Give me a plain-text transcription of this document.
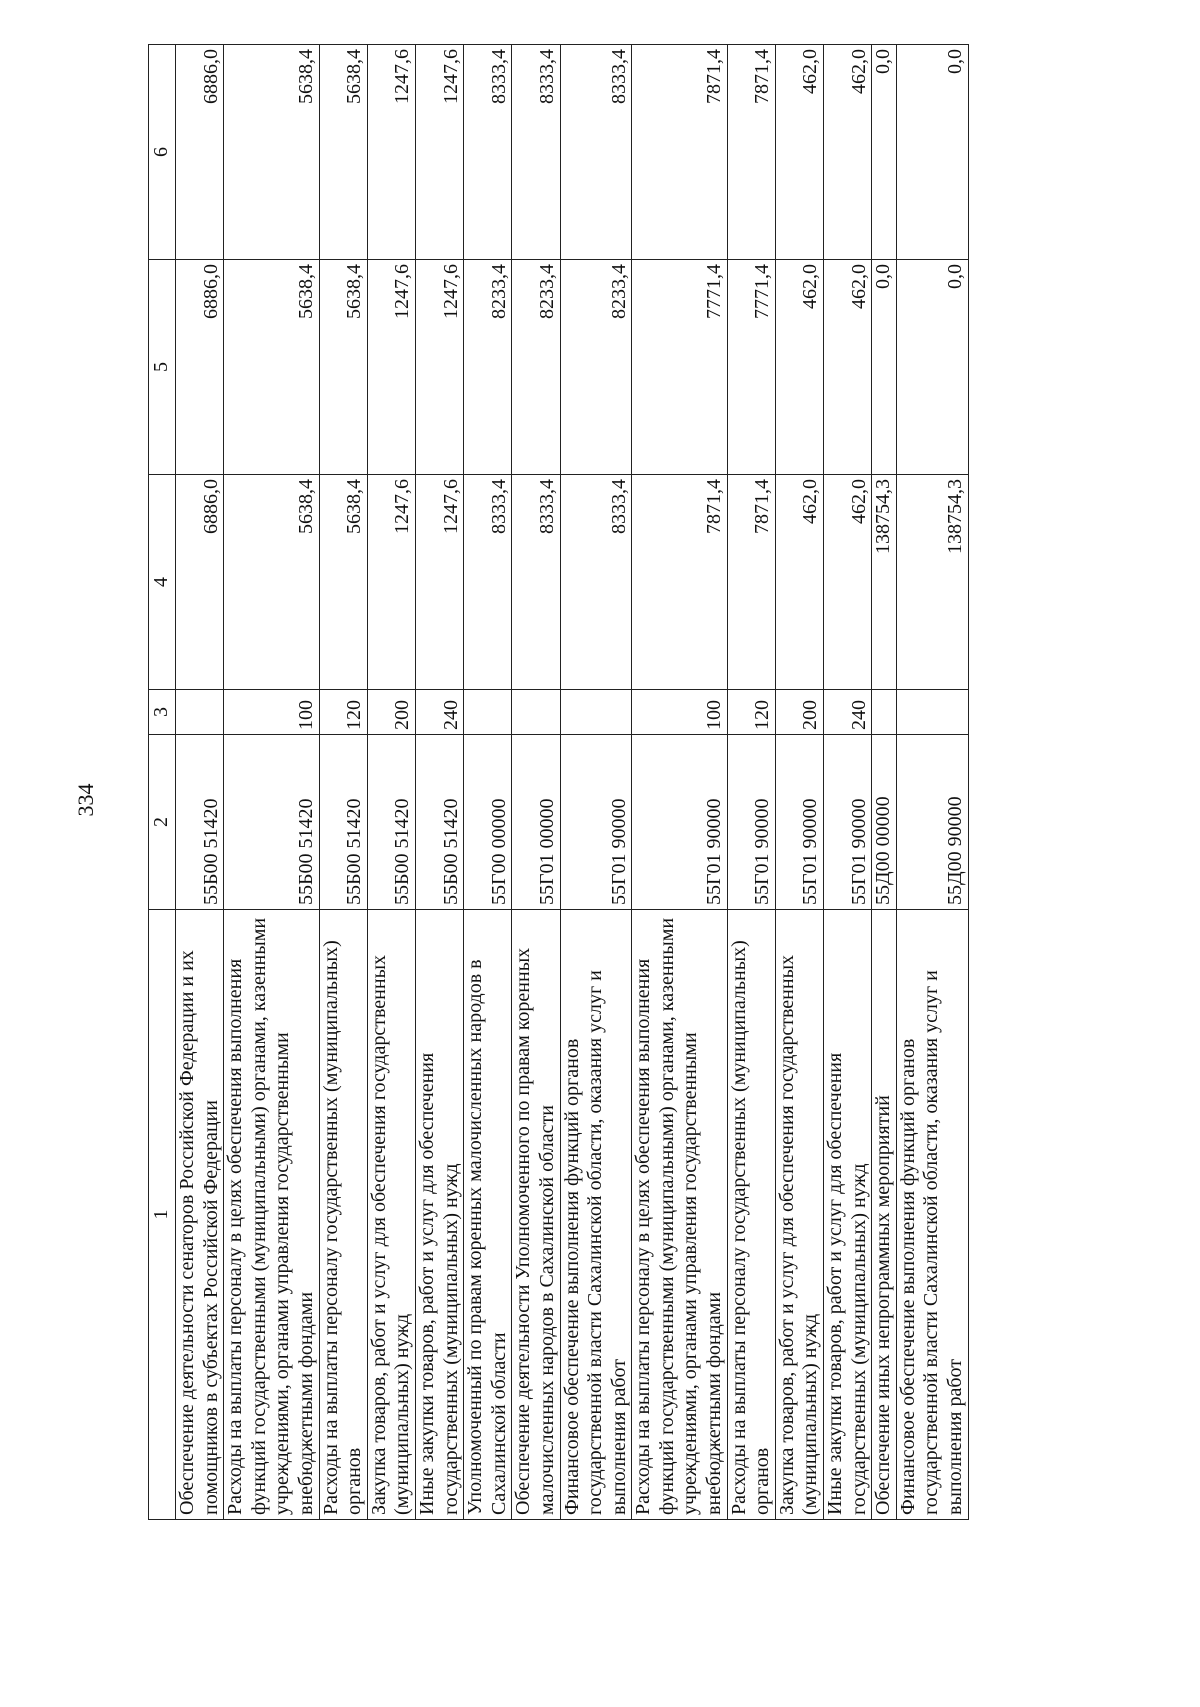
334
1	2	3	4	5	6
Обеспечение деятельности сенаторов Российской Федерации и их помощников в субъектах Российской Федерации	55Б00 51420		6886,0	6886,0	6886,0
Расходы на выплаты персоналу в целях обеспечения выполнения функций государственными (муниципальными) органами, казенными учреждениями, органами управления государственными внебюджетными фондами	55Б00 51420	100	5638,4	5638,4	5638,4
Расходы на выплаты персоналу государственных (муниципальных) органов	55Б00 51420	120	5638,4	5638,4	5638,4
Закупка товаров, работ и услуг для обеспечения государственных (муниципальных) нужд	55Б00 51420	200	1247,6	1247,6	1247,6
Иные закупки товаров, работ и услуг для обеспечения государственных (муниципальных) нужд	55Б00 51420	240	1247,6	1247,6	1247,6
Уполномоченный по правам коренных малочисленных народов в Сахалинской области	55Г00 00000		8333,4	8233,4	8333,4
Обеспечение деятельности Уполномоченного по правам коренных малочисленных народов в Сахалинской области	55Г01 00000		8333,4	8233,4	8333,4
Финансовое обеспечение выполнения функций органов государственной власти Сахалинской области, оказания услуг и выполнения работ	55Г01 90000		8333,4	8233,4	8333,4
Расходы на выплаты персоналу в целях обеспечения выполнения функций государственными (муниципальными) органами, казенными учреждениями, органами управления государственными внебюджетными фондами	55Г01 90000	100	7871,4	7771,4	7871,4
Расходы на выплаты персоналу государственных (муниципальных) органов	55Г01 90000	120	7871,4	7771,4	7871,4
Закупка товаров, работ и услуг для обеспечения государственных (муниципальных) нужд	55Г01 90000	200	462,0	462,0	462,0
Иные закупки товаров, работ и услуг для обеспечения государственных (муниципальных) нужд	55Г01 90000	240	462,0	462,0	462,0
Обеспечение иных непрограммных мероприятий	55Д00 00000		138754,3	0,0	0,0
Финансовое обеспечение выполнения функций органов государственной власти Сахалинской области, оказания услуг и выполнения работ	55Д00 90000		138754,3	0,0	0,0
